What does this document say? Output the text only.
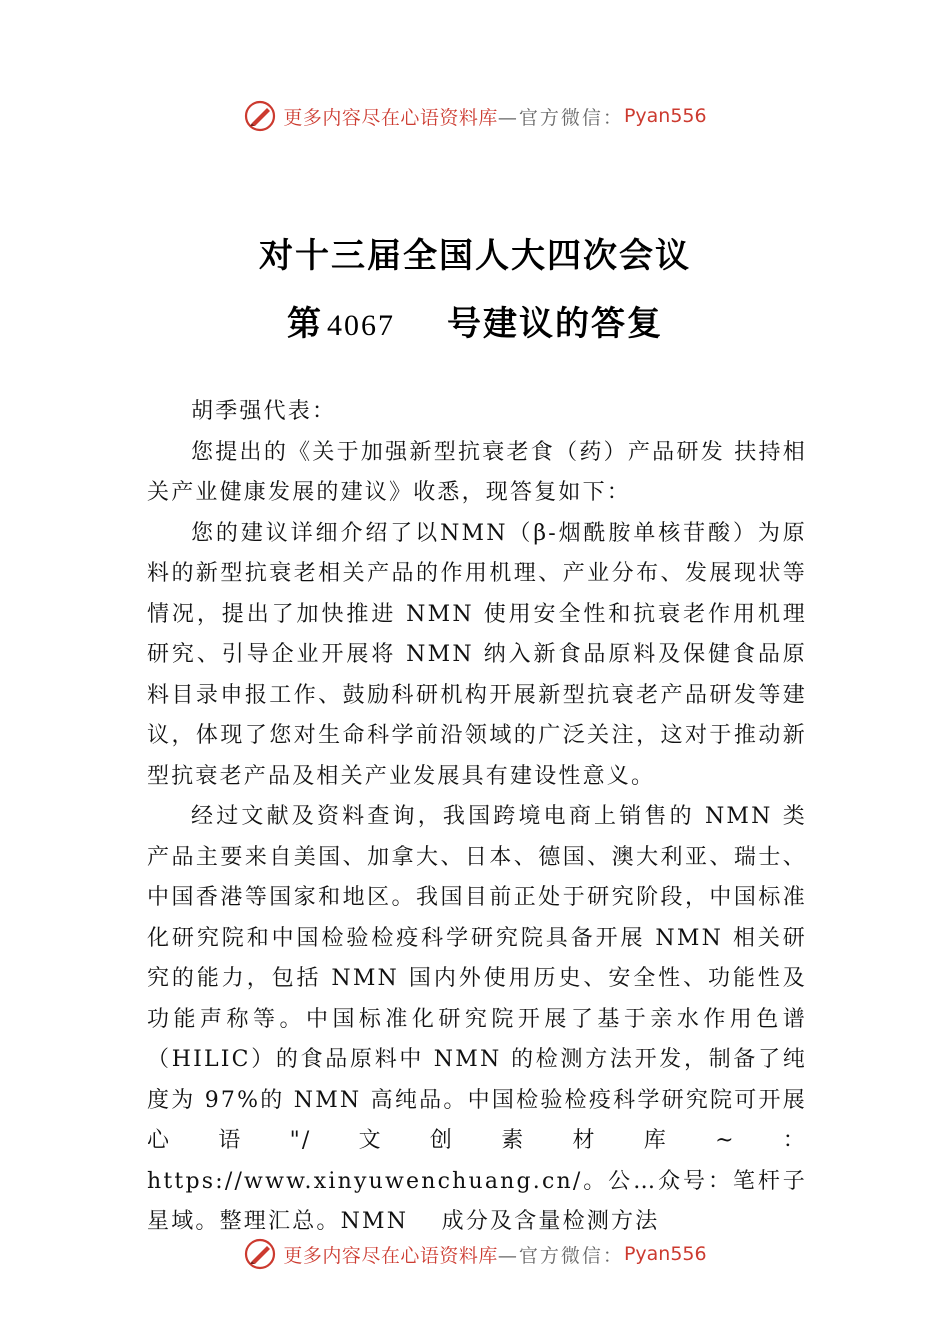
更多内容尽在心语资料库 —官方微信： Pyan556
对十三届全国人大四次会议
第 4067 号建议的答复

胡季强代表：

您提出的《关于加强新型抗衰老食（药）产品研发 扶持相关产业健康发展的建议》收悉，现答复如下：

您的建议详细介绍了以NMN（β-烟酰胺单核苷酸）为原料的新型抗衰老相关产品的作用机理、产业分布、发展现状等情况，提出了加快推进 NMN 使用安全性和抗衰老作用机理研究、引导企业开展将 NMN 纳入新食品原料及保健食品原料目录申报工作、鼓励科研机构开展新型抗衰老产品研发等建议，体现了您对生命科学前沿领域的广泛关注，这对于推动新型抗衰老产品及相关产业发展具有建设性意义。

经过文献及资料查询，我国跨境电商上销售的 NMN 类产品主要来自美国、加拿大、日本、德国、澳大利亚、瑞士、中国香港等国家和地区。我国目前正处于研究阶段，中国标准化研究院和中国检验检疫科学研究院具备开展 NMN 相关研究的能力，包括 NMN 国内外使用历史、安全性、功能性及功能声称等。中国标准化研究院开展了基于亲水作用色谱（HILIC）的食品原料中 NMN 的检测方法开发，制备了纯度为 97%的 NMN 高纯品。中国检验检疫科学研究院可开展心语"/文创素材库~：https://www.xinyuwenchuang.cn/。公…众号：笔杆子星域。整理汇总。NMN　 成分及含量检测方法

更多内容尽在心语资料库 —官方微信： Pyan556
